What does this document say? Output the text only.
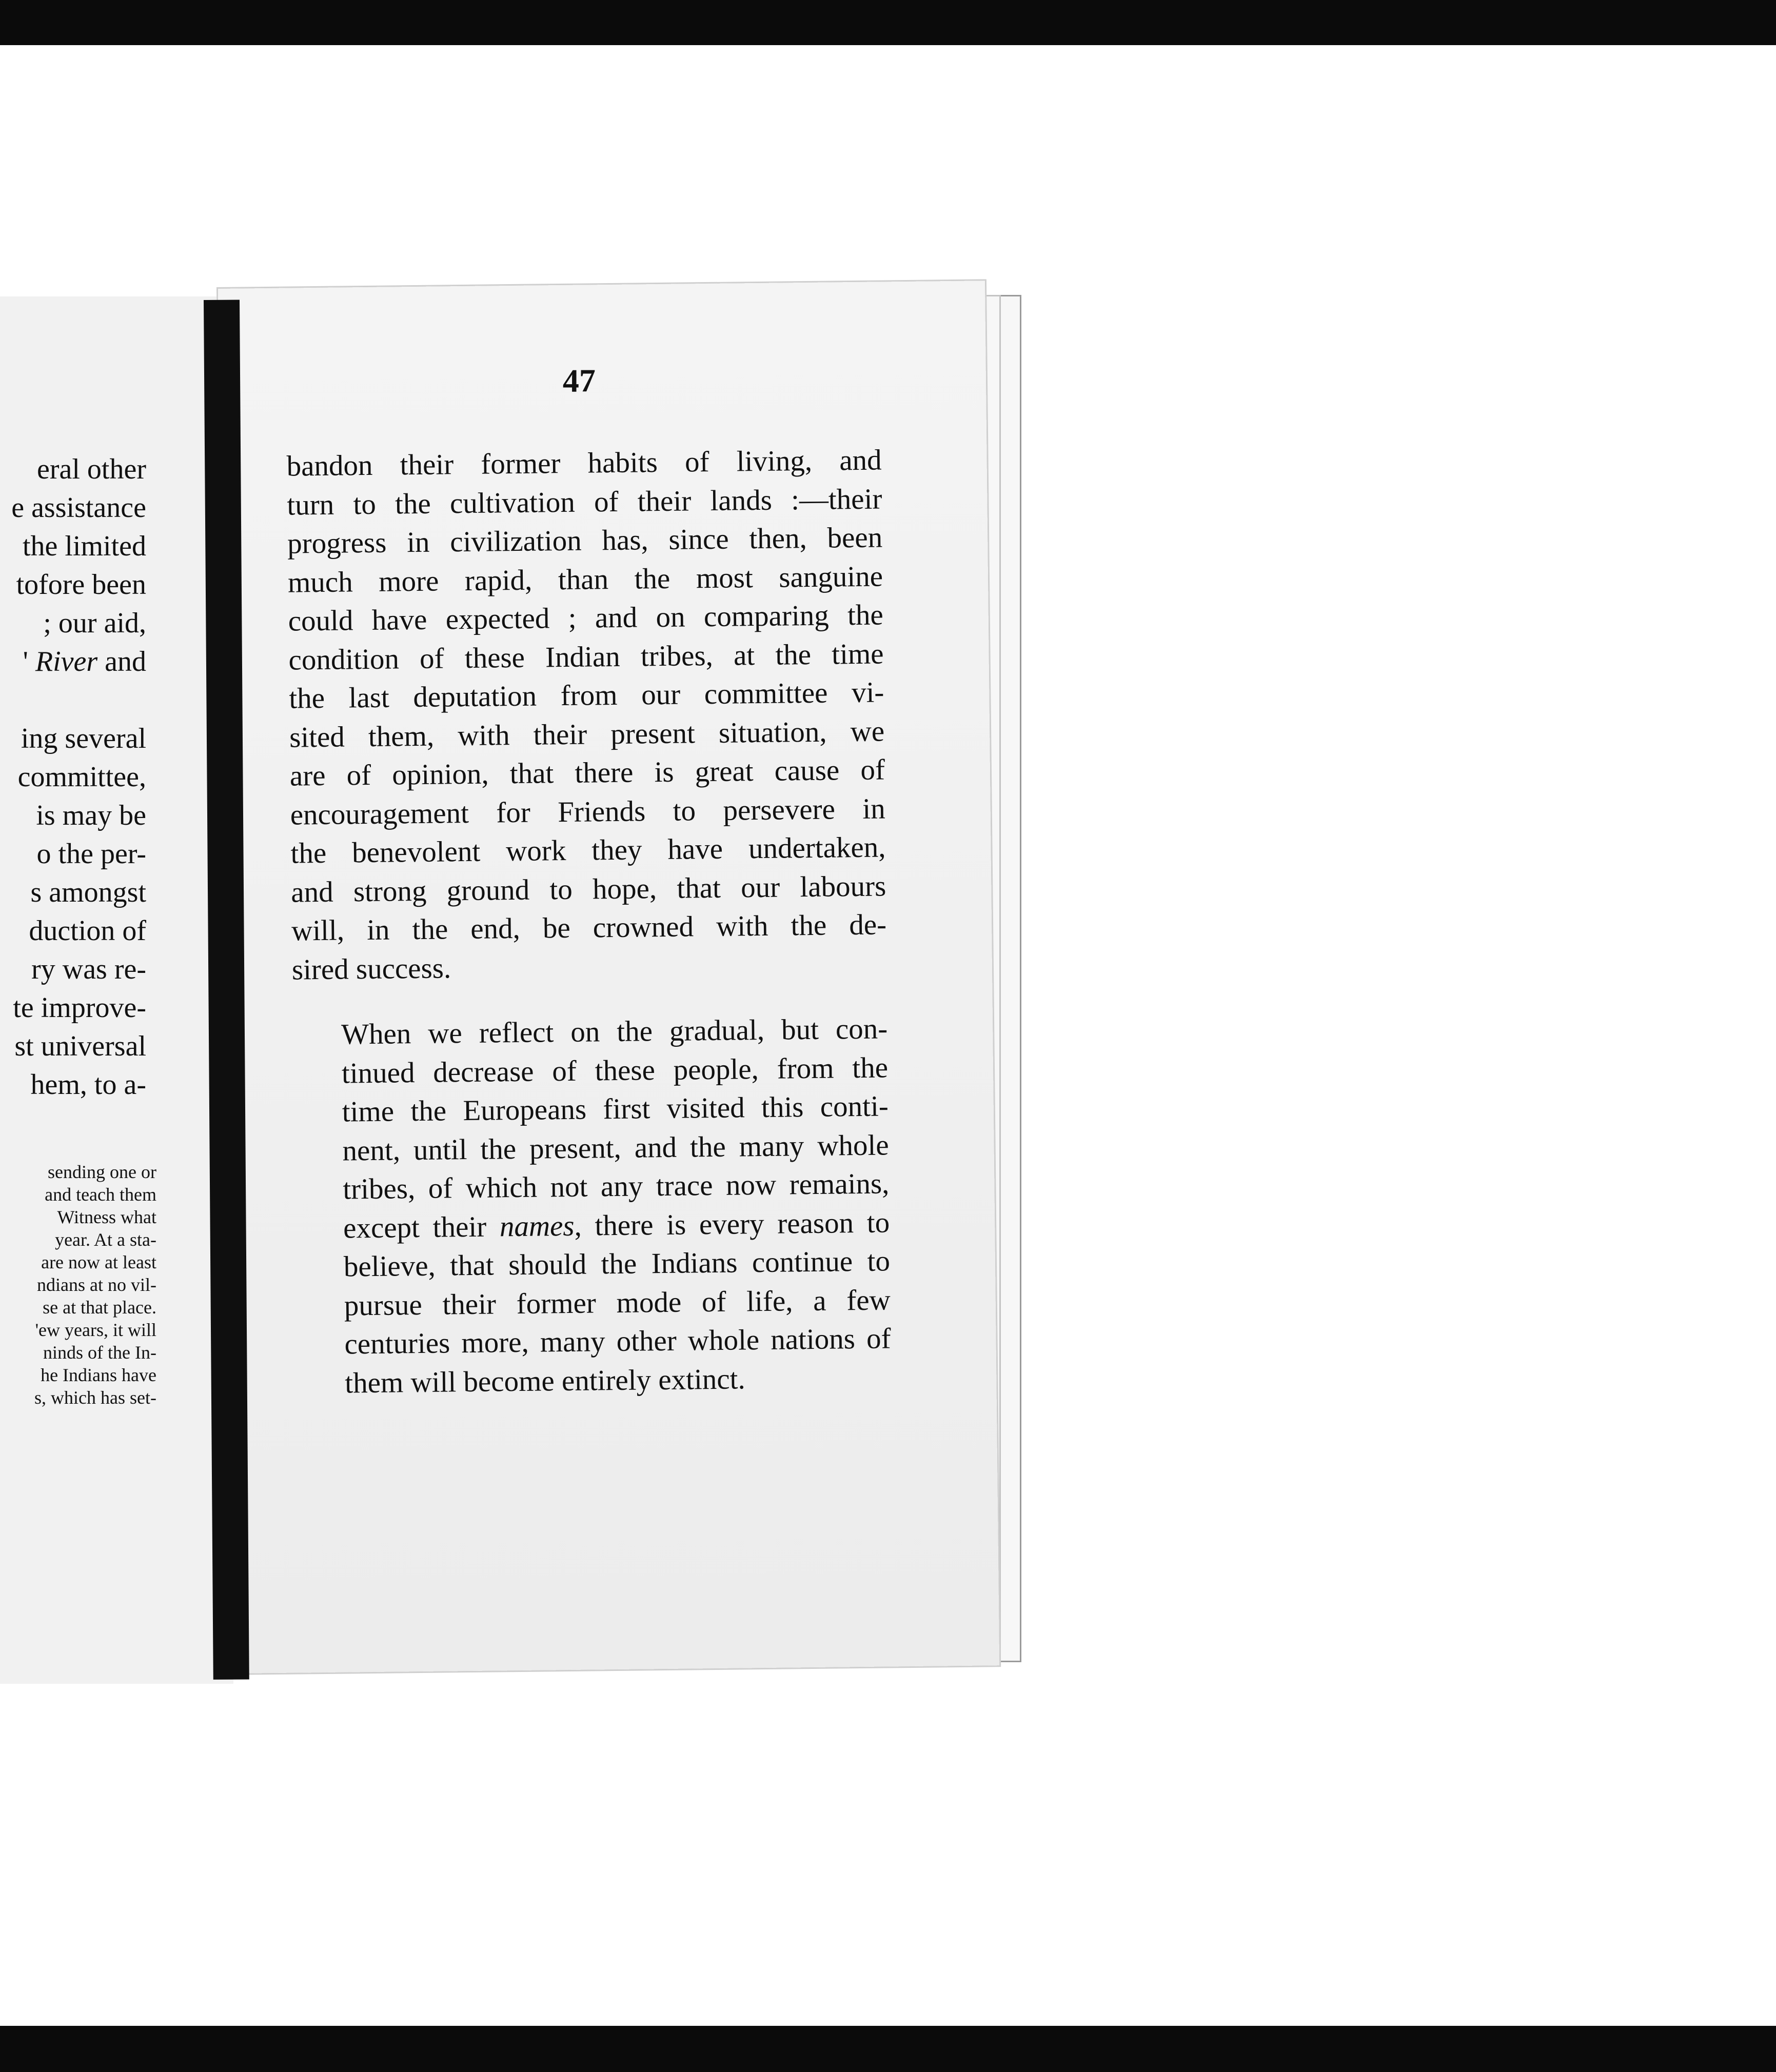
eral other
e assistance
the limited
tofore been
; our aid,
' River and

ing several
committee,
is may be
o the per-
s amongst
duction of
ry was re-
te improve-
st universal
hem, to a-
sending one or
and teach them
Witness what
year. At a sta-
are now at least
ndians at no vil-
se at that place.
'ew years, it will
ninds of the In-
he Indians have
s, which has set-
47

bandon their former habits of living, and
turn to the cultivation of their lands :—their
progress in civilization has, since then, been
much more rapid, than the most sanguine
could have expected ; and on comparing the
condition of these Indian tribes, at the time
the last deputation from our committee vi-
sited them, with their present situation, we
are of opinion, that there is great cause of
encouragement for Friends to persevere in
the benevolent work they have undertaken,
and strong ground to hope, that our labours
will, in the end, be crowned with the de-
sired success.

When we reflect on the gradual, but con-
tinued decrease of these people, from the
time the Europeans first visited this conti-
nent, until the present, and the many whole
tribes, of which not any trace now remains,
except their names, there is every reason to
believe, that should the Indians continue to
pursue their former mode of life, a few
centuries more, many other whole nations of
them will become entirely extinct.
